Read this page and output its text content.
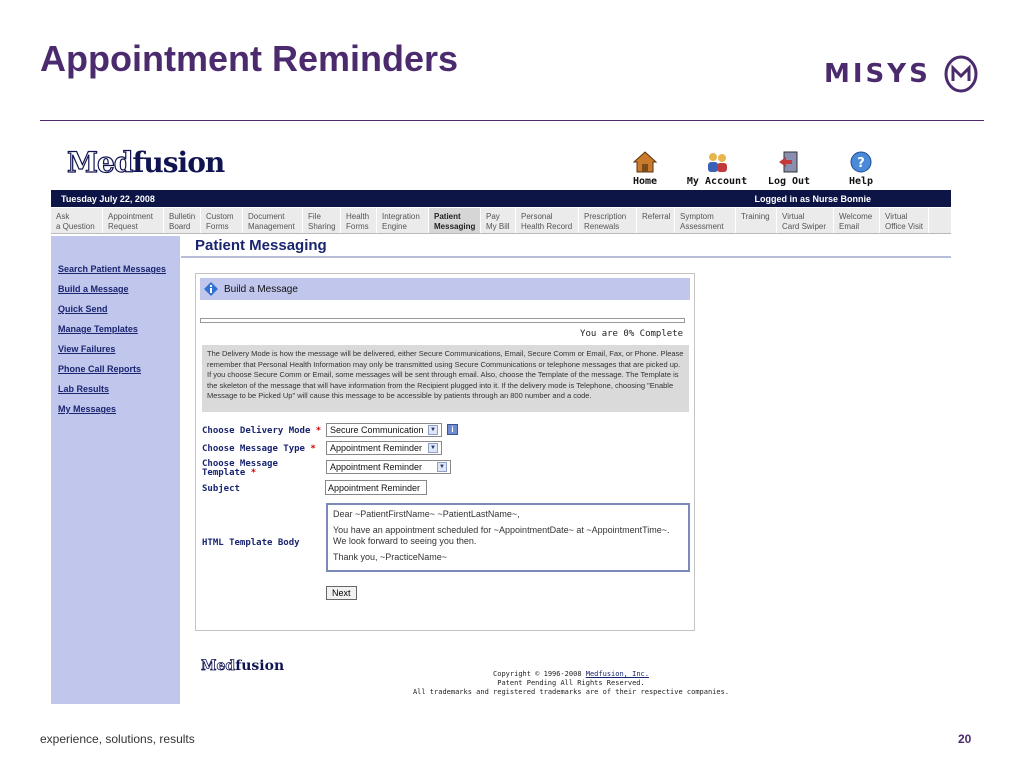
Appointment Reminders	MISYS
Medfusion
Home	My Account Log Out
?
Help
Tuesday July 22, 2008	Logged in as Nurse Bonnie
Ask
a Question
Appointment
Request
Bulletin
Board
Custom
Forms
Document
Management
File
Sharing
Health
Forms
Integration
Engine
Patient
Messaging
Pay
My Bill
Personal
Health Record
Prescription
Renewals
Referral Symptom
Assessment
Training Virtual
Card Swiper
Welcome
Email
Virtual
Office Visit
Search Patient Messages
Build a Message
Quick Send
Manage Templates
View Failures
Phone Call Reports
Lab Results
My Messages
Patient Messaging
Build a Message
You are 0% Complete
The Delivery Mode is how the message will be delivered, either Secure Communications, Email, Secure Comm or Email, Fax, or Phone. Please remember that Personal Health Information may only be transmitted using Secure Communications or telephone messages that are picked up. If you choose Secure Comm or Email, some messages will be sent through email. Also, choose the Template of the message. The Template is the skeleton of the message that will have information from the Recipient plugged into it. If the delivery mode is Telephone, choosing "Enable Message to be Picked Up" will cause this message to be accessible by patients through an 800 number and a code.
Choose Delivery Mode * Secure Communication	▼	i
Choose Message Type * Appointment Reminder	▼
Choose Message
Template *
Appointment Reminder	▼
Subject
Appointment Reminder
HTML Template Body

Dear ~PatientFirstName~ ~PatientLastName~,

You have an appointment scheduled for ~AppointmentDate~ at ~AppointmentTime~. We look forward to seeing you then.

Thank you, ~PracticeName~

Next
Medfusion	Copyright © 1996-2008 Medfusion, Inc.
Patent Pending All Rights Reserved.
All trademarks and registered trademarks are of their respective companies.
experience, solutions, results	20
